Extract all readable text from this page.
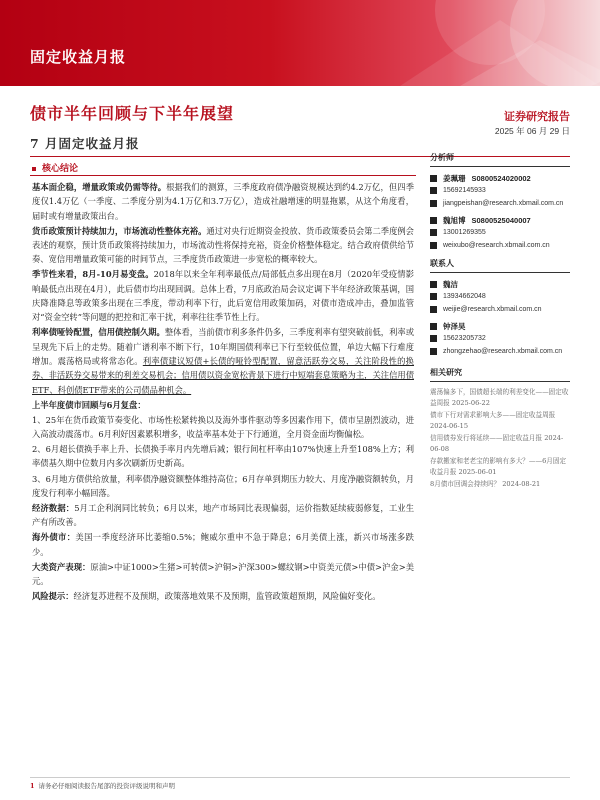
固定收益月报
债市半年回顾与下半年展望
7 月固定收益月报
证券研究报告
2025 年 06 月 29 日
核心结论

基本面企稳，增量政策或仍需等待。根据我们的测算，三季度政府债净融资规模达到约4.2万亿，但四季度仅1.4万亿（一季度、二季度分别为4.1万亿和3.7万亿），造成社融增速的明显拖累，从这个角度看，届时或有增量政策出台。

货币政策预计持续加力，市场流动性整体充裕。通过对央行近期资金投放、货币政策委员会第二季度例会表述的观察，预计货币政策将持续加力，市场流动性将保持充裕，资金价格整体稳定。结合政府债供给节奏、宽信用增量政策可能的时间节点，三季度货币政策进一步宽松的概率较大。

季节性来看，8月-10月易变盘。2018年以来全年利率最低点/局部低点多出现在8月（2020年受疫情影响最低点出现在4月），此后债市均出现回调。总体上看，7月底政治局会议定调下半年经济政策基调，国庆降准降息等政策多出现在三季度，带动利率下行，此后宽信用政策加码，对债市造成冲击，叠加监管对“资金空转”等问题的把控和汇率干扰，利率往往季节性上行。

利率债哑铃配置，信用债控制久期。整体看，当前债市利多条件仍多，三季度利率有望突破前低，利率或呈现先下后上的走势。随着广谱利率不断下行，10年期国债利率已下行至较低位置，单边大幅下行难度增加。震荡格局或将常态化。利率债建议短债+长债的哑铃型配置，留意活跃券交易，关注阶段性的换券、非活跃券交易带来的利差交易机会；信用债以资金宽松背景下进行中短端套息策略为主，关注信用债ETF、科创债ETF带来的公司债品种机会。

上半年度债市回顾与6月复盘：

1、25年在货币政策节奏变化、市场性松紧转换以及海外事件驱动等多因素作用下，债市呈剧烈波动，进入高波动震荡市。6月利好因素累积增多，收益率基本处于下行通道，全月资金面均衡偏松。

2、6月超长债换手率上升、长债换手率月内先增后减；银行间杠杆率由107%快速上升至108%上方；利率债基久期中位数月内多次刷新历史新高。

3、6月地方债供给放量，利率债净融资额整体维持高位；6月存单到期压力较大、月度净融资额转负，月度发行利率小幅回落。

经济数据：5月工企利润同比转负；6月以来，地产市场同比表现偏弱，运价指数延续疲弱修复，工业生产有所改善。

海外债市：美国一季度经济环比萎缩0.5%；鲍威尔重申不急于降息；6月美债上涨，新兴市场涨多跌少。

大类资产表现：原油>中证1000>生猪>可转债>沪铜>沪深300>螺纹钢>中资美元债>中债>沪金>美元。

风险提示：经济复苏进程不及预期，政策落地效果不及预期，监管政策超预期，风险偏好变化。

分析师
姜珮珊 S0800524020002
15692145933
jiangpeishan@research.xbmail.com.cn
魏旭博 S0800525040007
13001269355
weixubo@research.xbmail.com.cn
联系人
魏洁
13934662048
weijie@research.xbmail.com.cn
钟泽昊
15623205732
zhongzehao@research.xbmail.com.cn
相关研究
震荡偏多下，国债超长端的利差变化——固定收益周报 2025-06-22
债市下行对需求影响大多——固定收益周报 2024-06-15
信用债券发行将延续——固定收益月报 2024-06-08
存款搬家和老老宝的影响有多大？——6月固定收益月报 2025-06-01
8月债市回调会持续吗？ 2024-08-21
1 请务必仔细阅读报告尾部的投资评级说明和声明
